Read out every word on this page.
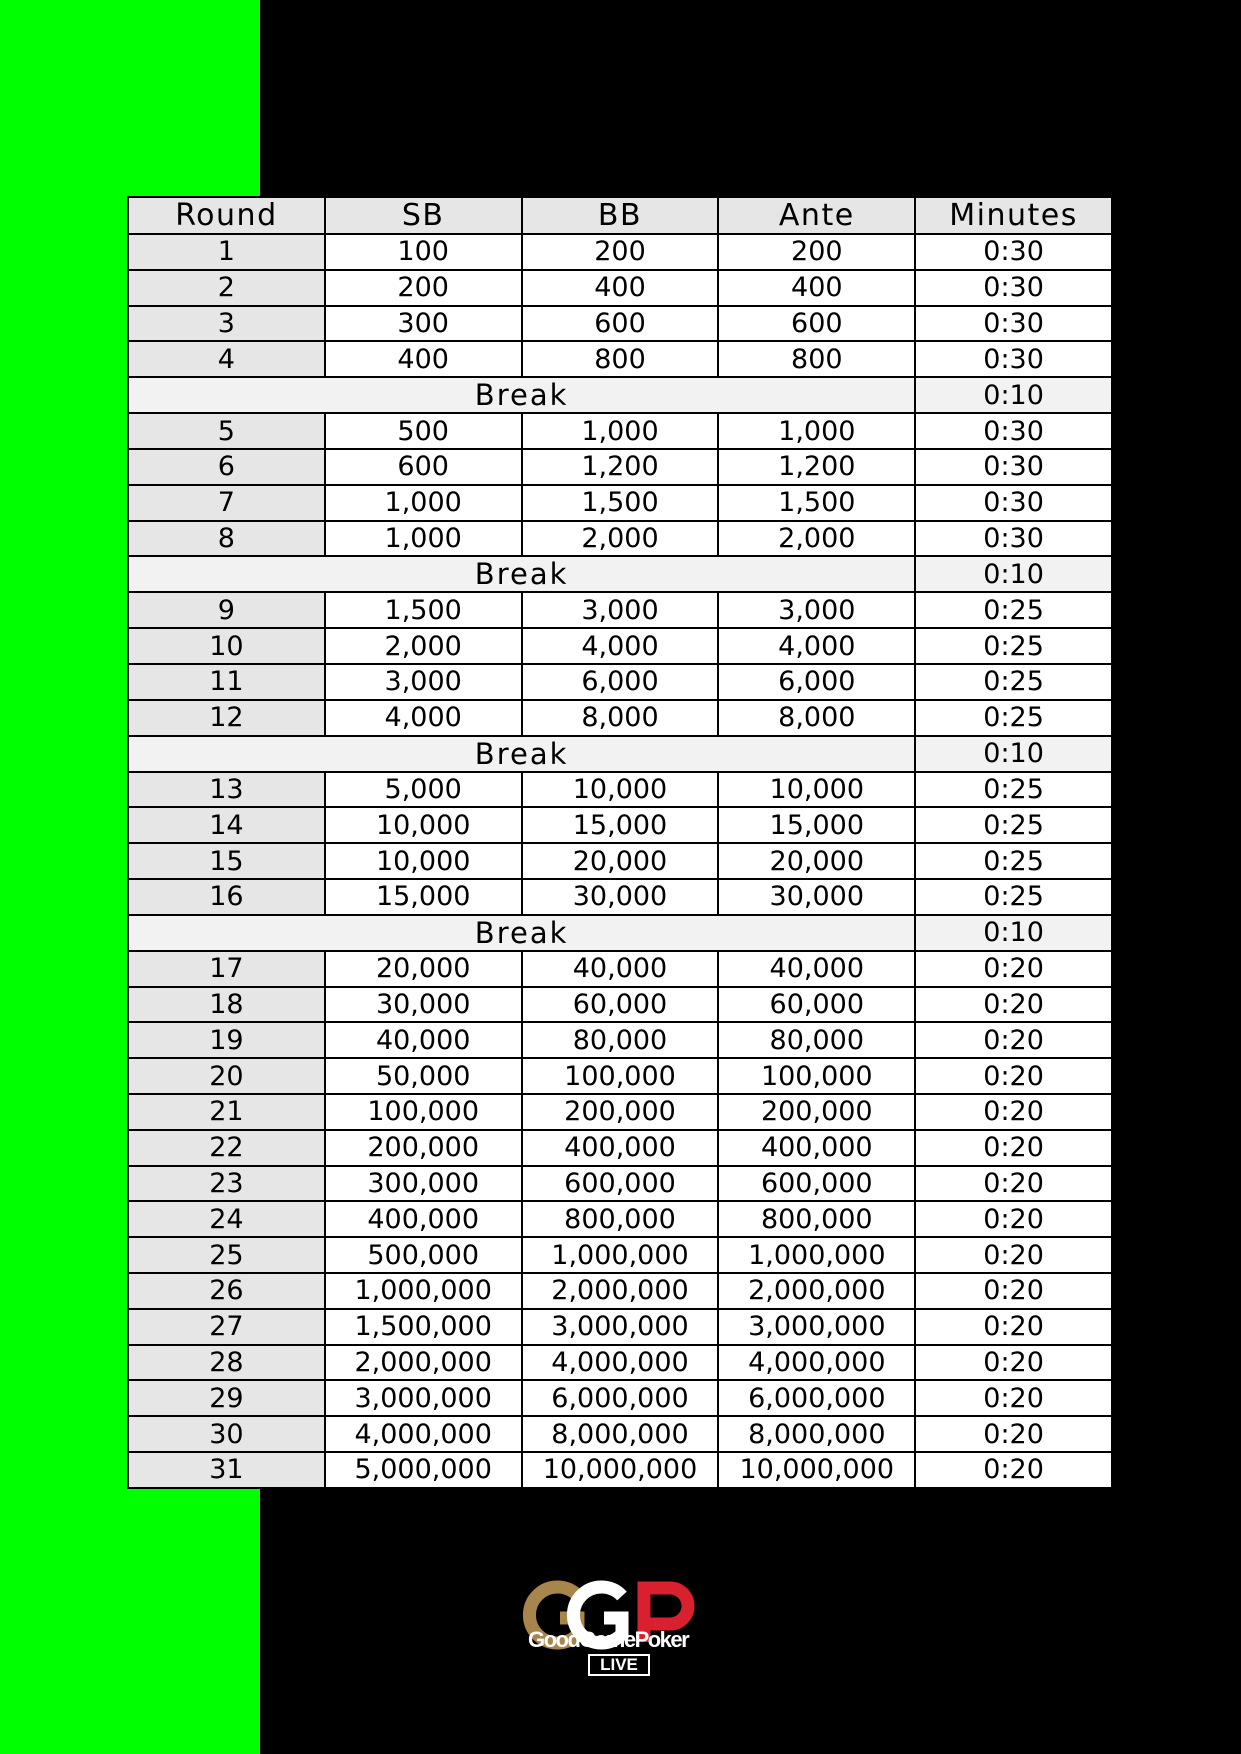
Round	SB	BB	Ante	Minutes
1	100	200	200	0:30
2	200	400	400	0:30
3	300	600	600	0:30
4	400	800	800	0:30
Break				0:10
5	500	1,000	1,000	0:30
6	600	1,200	1,200	0:30
7	1,000	1,500	1,500	0:30
8	1,000	2,000	2,000	0:30
Break				0:10
9	1,500	3,000	3,000	0:25
10	2,000	4,000	4,000	0:25
11	3,000	6,000	6,000	0:25
12	4,000	8,000	8,000	0:25
Break				0:10
13	5,000	10,000	10,000	0:25
14	10,000	15,000	15,000	0:25
15	10,000	20,000	20,000	0:25
16	15,000	30,000	30,000	0:25
Break				0:10
17	20,000	40,000	40,000	0:20
18	30,000	60,000	60,000	0:20
19	40,000	80,000	80,000	0:20
20	50,000	100,000	100,000	0:20
21	100,000	200,000	200,000	0:20
22	200,000	400,000	400,000	0:20
23	300,000	600,000	600,000	0:20
24	400,000	800,000	800,000	0:20
25	500,000	1,000,000	1,000,000	0:20
26	1,000,000	2,000,000	2,000,000	0:20
27	1,500,000	3,000,000	3,000,000	0:20
28	2,000,000	4,000,000	4,000,000	0:20
29	3,000,000	6,000,000	6,000,000	0:20
30	4,000,000	8,000,000	8,000,000	0:20
31	5,000,000	10,000,000	10,000,000	0:20
GoodGamePoker
LIVE
